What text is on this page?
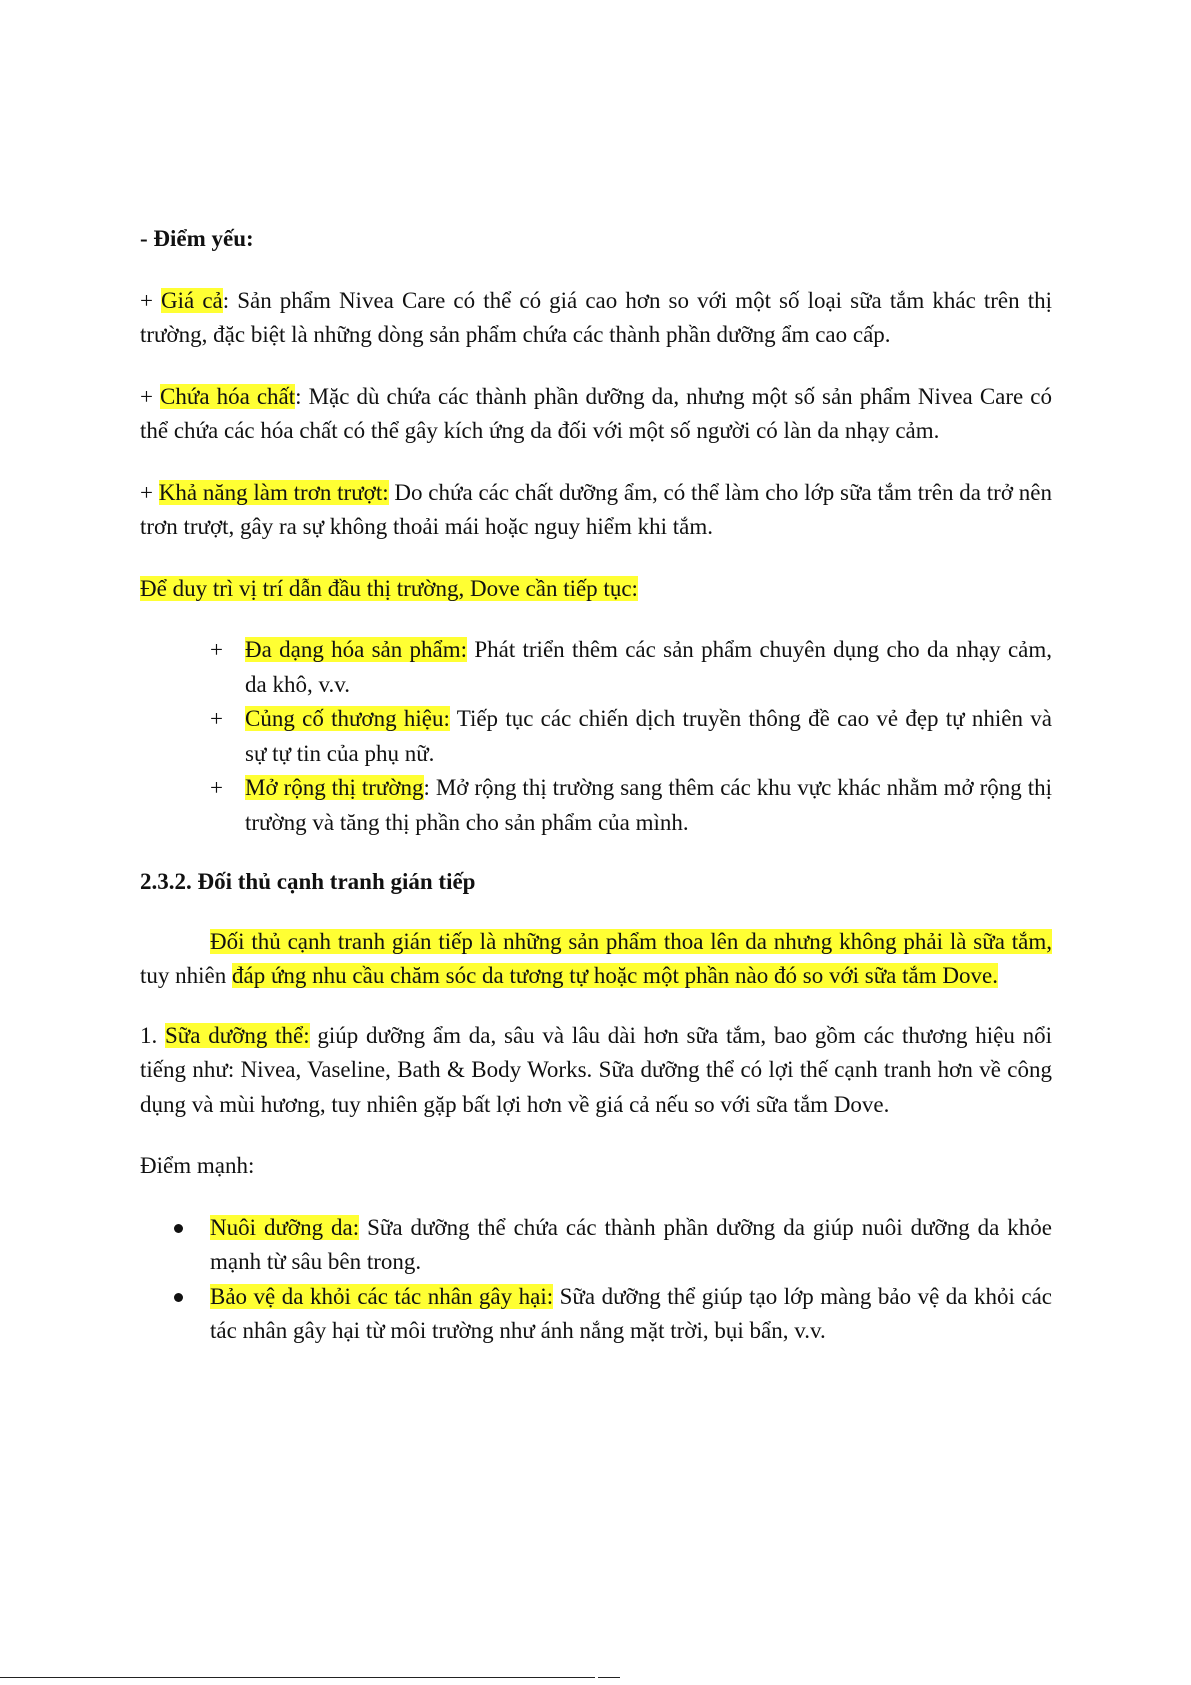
- Điểm yếu:

+ Giá cả: Sản phẩm Nivea Care có thể có giá cao hơn so với một số loại sữa tắm khác trên thị trường, đặc biệt là những dòng sản phẩm chứa các thành phần dưỡng ẩm cao cấp.

+ Chứa hóa chất: Mặc dù chứa các thành phần dưỡng da, nhưng một số sản phẩm Nivea Care có thể chứa các hóa chất có thể gây kích ứng da đối với một số người có làn da nhạy cảm.

+ Khả năng làm trơn trượt: Do chứa các chất dưỡng ẩm, có thể làm cho lớp sữa tắm trên da trở nên trơn trượt, gây ra sự không thoải mái hoặc nguy hiểm khi tắm.

Để duy trì vị trí dẫn đầu thị trường, Dove cần tiếp tục:

+ Đa dạng hóa sản phẩm: Phát triển thêm các sản phẩm chuyên dụng cho da nhạy cảm, da khô, v.v.
+ Củng cố thương hiệu: Tiếp tục các chiến dịch truyền thông đề cao vẻ đẹp tự nhiên và sự tự tin của phụ nữ.
+ Mở rộng thị trường: Mở rộng thị trường sang thêm các khu vực khác nhằm mở rộng thị trường và tăng thị phần cho sản phẩm của mình.

2.3.2. Đối thủ cạnh tranh gián tiếp

Đối thủ cạnh tranh gián tiếp là những sản phẩm thoa lên da nhưng không phải là sữa tắm, tuy nhiên đáp ứng nhu cầu chăm sóc da tương tự hoặc một phần nào đó so với sữa tắm Dove.

1. Sữa dưỡng thể: giúp dưỡng ẩm da, sâu và lâu dài hơn sữa tắm, bao gồm các thương hiệu nổi tiếng như: Nivea, Vaseline, Bath & Body Works. Sữa dưỡng thể có lợi thế cạnh tranh hơn về công dụng và mùi hương, tuy nhiên gặp bất lợi hơn về giá cả nếu so với sữa tắm Dove.

Điểm mạnh:

Nuôi dưỡng da: Sữa dưỡng thể chứa các thành phần dưỡng da giúp nuôi dưỡng da khỏe mạnh từ sâu bên trong.
Bảo vệ da khỏi các tác nhân gây hại: Sữa dưỡng thể giúp tạo lớp màng bảo vệ da khỏi các tác nhân gây hại từ môi trường như ánh nắng mặt trời, bụi bẩn, v.v.
